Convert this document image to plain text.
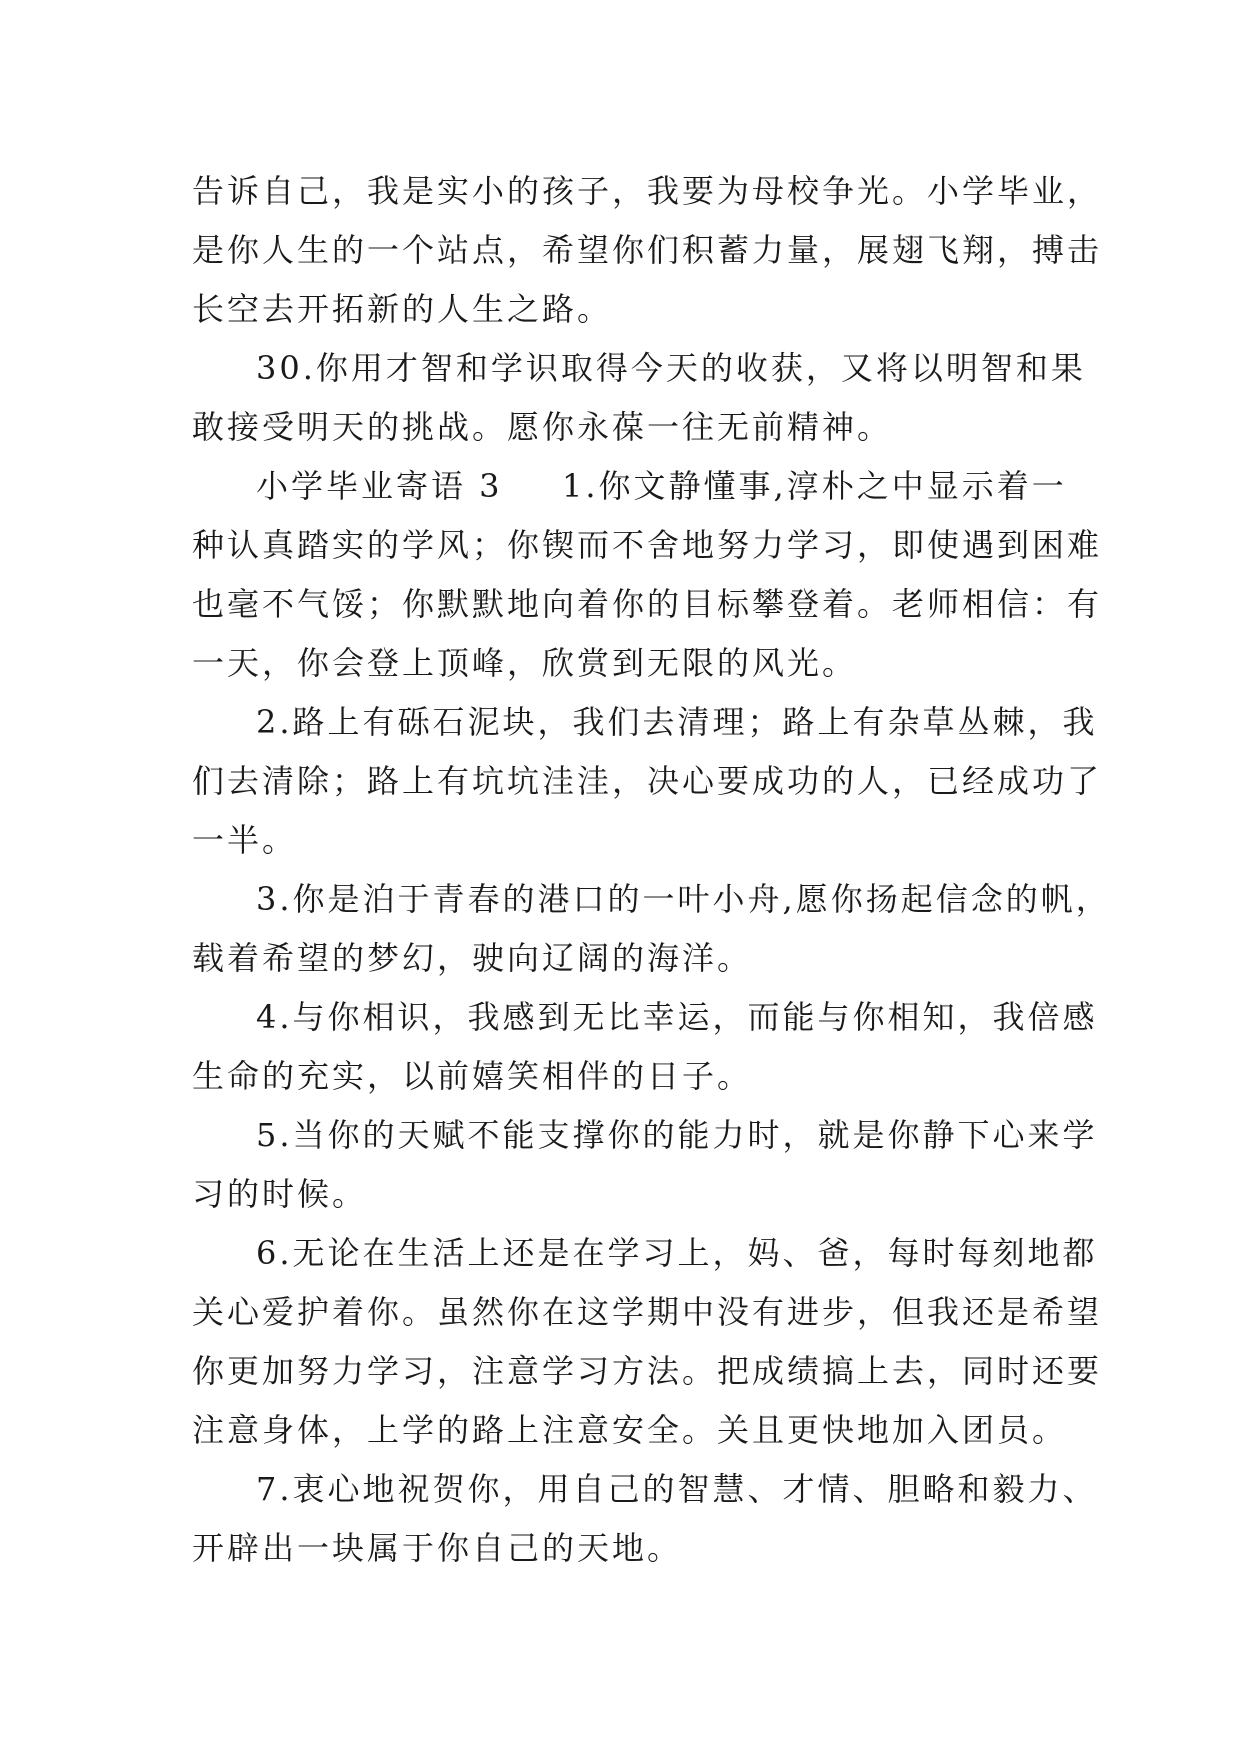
告诉自己，我是实小的孩子，我要为母校争光。小学毕业，
是你人生的一个站点，希望你们积蓄力量，展翅飞翔，搏击
长空去开拓新的人生之路。
30.你用才智和学识取得今天的收获，又将以明智和果
敢接受明天的挑战。愿你永葆一往无前精神。
小学毕业寄语 3 1.你文静懂事,淳朴之中显示着一
种认真踏实的学风；你锲而不舍地努力学习，即使遇到困难
也毫不气馁；你默默地向着你的目标攀登着。老师相信：有
一天，你会登上顶峰，欣赏到无限的风光。
2.路上有砾石泥块，我们去清理；路上有杂草丛棘，我
们去清除；路上有坑坑洼洼，决心要成功的人，已经成功了
一半。
3.你是泊于青春的港口的一叶小舟,愿你扬起信念的帆，
载着希望的梦幻，驶向辽阔的海洋。
4.与你相识，我感到无比幸运，而能与你相知，我倍感
生命的充实，以前嬉笑相伴的日子。
5.当你的天赋不能支撑你的能力时，就是你静下心来学
习的时候。
6.无论在生活上还是在学习上，妈、爸，每时每刻地都
关心爱护着你。虽然你在这学期中没有进步，但我还是希望
你更加努力学习，注意学习方法。把成绩搞上去，同时还要
注意身体，上学的路上注意安全。关且更快地加入团员。
7.衷心地祝贺你，用自己的智慧、才情、胆略和毅力、
开辟出一块属于你自己的天地。
